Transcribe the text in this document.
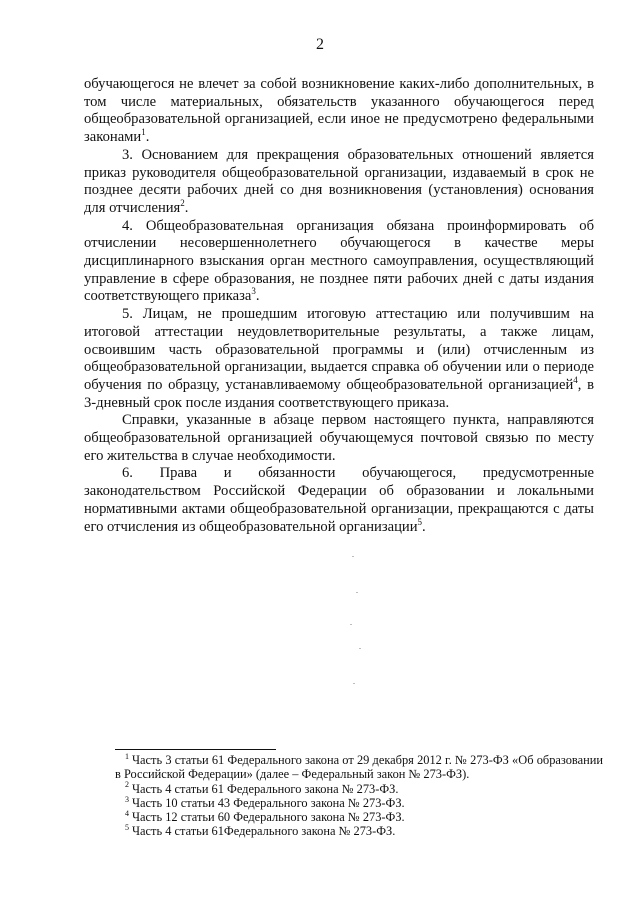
2

обучающегося не влечет за собой возникновение каких-либо дополнительных, в том числе материальных, обязательств указанного обучающегося перед общеобразовательной организацией, если иное не предусмотрено федеральными законами$^1$.

3. Основанием для прекращения образовательных отношений является приказ руководителя общеобразовательной организации, издаваемый в срок не позднее десяти рабочих дней со дня возникновения (установления) основания для отчисления$^2$.

4. Общеобразовательная организация обязана проинформировать об отчислении несовершеннолетнего обучающегося в качестве меры дисциплинарного взыскания орган местного самоуправления, осуществляющий управление в сфере образования, не позднее пяти рабочих дней с даты издания соответствующего приказа$^3$.

5. Лицам, не прошедшим итоговую аттестацию или получившим на итоговой аттестации неудовлетворительные результаты, а также лицам, освоившим часть образовательной программы и (или) отчисленным из общеобразовательной организации, выдается справка об обучении или о периоде обучения по образцу, устанавливаемому общеобразовательной организацией$^4$, в 3-дневный срок после издания соответствующего приказа.

Справки, указанные в абзаце первом настоящего пункта, направляются общеобразовательной организацией обучающемуся почтовой связью по месту его жительства в случае необходимости.

6. Права и обязанности обучающегося, предусмотренные законодательством Российской Федерации об образовании и локальными нормативными актами общеобразовательной организации, прекращаются с даты его отчисления из общеобразовательной организации$^5$.

$^1$ Часть 3 статьи 61 Федерального закона от 29 декабря 2012 г. № 273-ФЗ «Об образовании в Российской Федерации» (далее – Федеральный закон № 273-ФЗ).

$^2$ Часть 4 статьи 61 Федерального закона № 273-ФЗ.

$^3$ Часть 10 статьи 43 Федерального закона № 273-ФЗ.

$^4$ Часть 12 статьи 60 Федерального закона № 273-ФЗ.

$^5$ Часть 4 статьи 61Федерального закона № 273-ФЗ.
